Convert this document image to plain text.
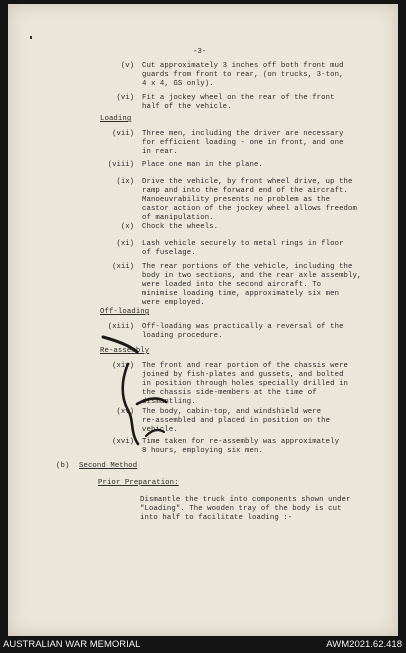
-3-
(v) Cut approximately 3 inches off both front mud
guards from front to rear, (on trucks, 3-ton,
4 x 4, GS only).
(vi) Fit a jockey wheel on the rear of the front
half of the vehicle.
Loading
(vii) Three men, including the driver are necessary
for efficient loading - one in front, and one
in rear.
(viii) Place one man in the plane.
(ix) Drive the vehicle, by front wheel drive, up the
ramp and into the forward end of the aircraft.
Manoeuvrability presents no problem as the
castor action of the jockey wheel allows freedom
of manipulation.
(x) Chock the wheels.
(xi) Lash vehicle securely to metal rings in floor
of fuselage.
(xii) The rear portions of the vehicle, including the
body in two sections, and the rear axle assembly,
were loaded into the second aircraft. To
minimise loading time, approximately six men
were employed.
Off-loading
(xiii) Off-loading was practically a reversal of the
loading procedure.
Re-assembly
(xiv) The front and rear portion of the chassis were
joined by fish-plates and gussets, and bolted
in position through holes specially drilled in
the chassis side-members at the time of
dismantling.
(xv) The body, cabin-top, and windshield were
re-assembled and placed in position on the
vehicle.
(xvi) Time taken for re-assembly was approximately
8 hours, employing six men.
(b) Second Method
Prior Preparation:
Dismantle the truck into components shown under
"Loading". The wooden tray of the body is cut
into half to facilitate loading :-
AUSTRALIAN WAR MEMORIAL	AWM2021.62.418
